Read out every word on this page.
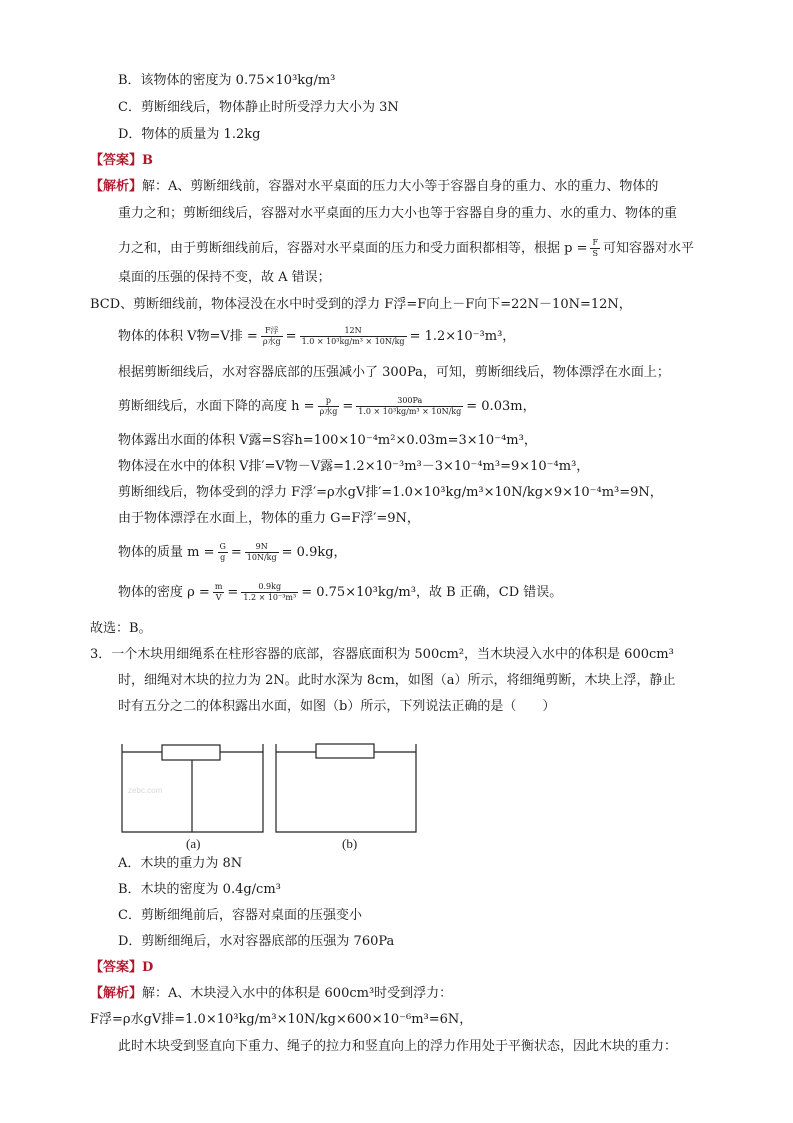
B．该物体的密度为 0.75×10³kg/m³
C．剪断细线后，物体静止时所受浮力大小为 3N
D．物体的质量为 1.2kg
【答案】B
【解析】解：A、剪断细线前，容器对水平桌面的压力大小等于容器自身的重力、水的重力、物体的
重力之和；剪断细线后，容器对水平桌面的压力大小也等于容器自身的重力、水的重力、物体的重
力之和，由于剪断细线前后，容器对水平桌面的压力和受力面积都相等，根据 $p = \frac{F}{S}$ 可知容器对水平
桌面的压强的保持不变，故 A 错误；
BCD、剪断细线前，物体浸没在水中时受到的浮力 F浮=F向上－F向下=22N－10N=12N，
物体的体积 V物=V排 = $\frac{\text{F浮}}{\text{ρ水g}} = \frac{12N}{\text{1.0 × 10³kg/m³ × 10N/kg}} = 1.2\times 10^{-3}m^3$，
根据剪断细线后，水对容器底部的压强减小了 300Pa，可知，剪断细线后，物体漂浮在水面上；
剪断细线后，水面下降的高度 $h = \frac{p}{\text{ρ水g}} = \frac{300Pa}{\text{1.0 × 10³kg/m³ × 10N/kg}} = 0.03m$，
物体露出水面的体积 V露=S容h=100×10⁻⁴m²×0.03m=3×10⁻⁴m³，
物体浸在水中的体积 V排′=V物－V露=1.2×10⁻³m³－3×10⁻⁴m³=9×10⁻⁴m³，
剪断细线后，物体受到的浮力 F浮′=ρ水gV排′=1.0×10³kg/m³×10N/kg×9×10⁻⁴m³=9N，
由于物体漂浮在水面上，物体的重力 G=F浮′=9N，
物体的质量 $m = \frac{G}{g} = \frac{9N}{10N/kg} = 0.9kg$，
物体的密度 $\rho = \frac{m}{V} = \frac{0.9kg}{\text{1.2 × 10⁻³m³}} = 0.75\times 10^3kg/m^3$，故 B 正确，CD 错误。
故选：B。
3．一个木块用细绳系在柱形容器的底部，容器底面积为 500cm²，当木块浸入水中的体积是 600cm³
时，细绳对木块的拉力为 2N。此时水深为 8cm，如图（a）所示，将细绳剪断，木块上浮，静止
时有五分之二的体积露出水面，如图（b）所示，下列说法正确的是（　　）
zebc.com
(a)	(b)
A．木块的重力为 8N
B．木块的密度为 0.4g/cm³
C．剪断细绳前后，容器对桌面的压强变小
D．剪断细绳后，水对容器底部的压强为 760Pa
【答案】D
【解析】解：A、木块浸入水中的体积是 600cm³时受到浮力：
F浮=ρ水gV排=1.0×10³kg/m³×10N/kg×600×10⁻⁶m³=6N，
此时木块受到竖直向下重力、绳子的拉力和竖直向上的浮力作用处于平衡状态，因此木块的重力：
